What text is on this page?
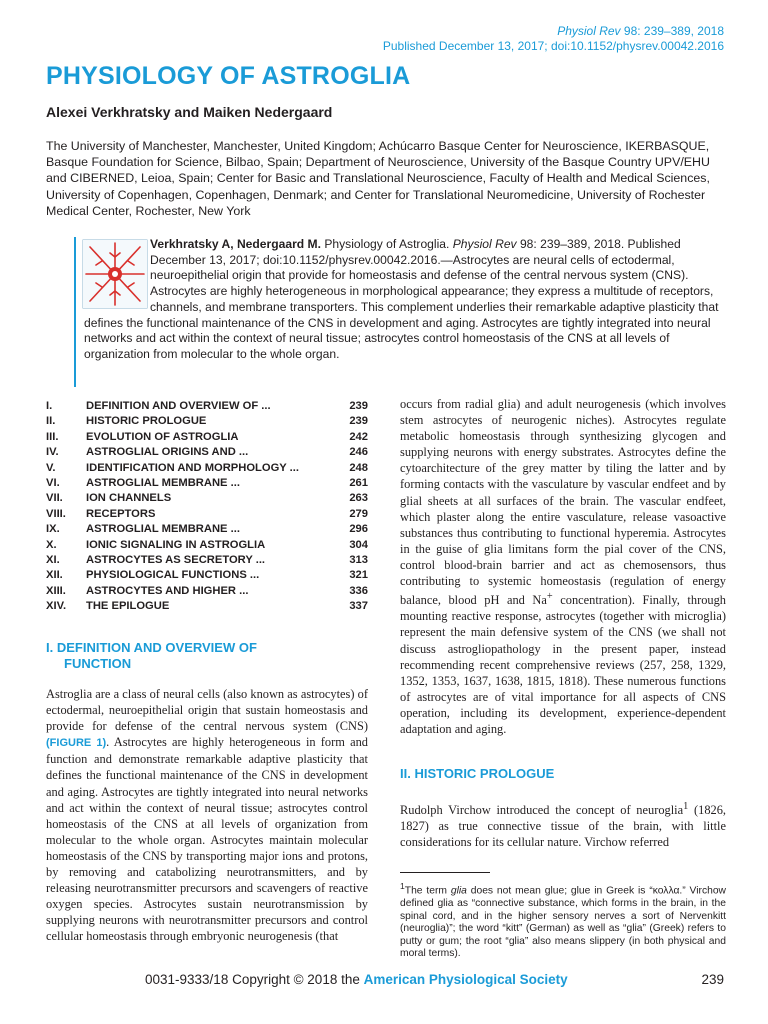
Physiol Rev 98: 239–389, 2018
Published December 13, 2017; doi:10.1152/physrev.00042.2016
PHYSIOLOGY OF ASTROGLIA
Alexei Verkhratsky and Maiken Nedergaard

The University of Manchester, Manchester, United Kingdom; Achúcarro Basque Center for Neuroscience, IKERBASQUE, Basque Foundation for Science, Bilbao, Spain; Department of Neuroscience, University of the Basque Country UPV/EHU and CIBERNED, Leioa, Spain; Center for Basic and Translational Neuroscience, Faculty of Health and Medical Sciences, University of Copenhagen, Copenhagen, Denmark; and Center for Translational Neuromedicine, University of Rochester Medical Center, Rochester, New York

Verkhratsky A, Nedergaard M. Physiology of Astroglia. Physiol Rev 98: 239–389, 2018. Published December 13, 2017; doi:10.1152/physrev.00042.2016.—Astrocytes are neural cells of ectodermal, neuroepithelial origin that provide for homeostasis and defense of the central nervous system (CNS). Astrocytes are highly heterogeneous in morphological appearance; they express a multitude of receptors, channels, and membrane transporters. This complement underlies their remarkable adaptive plasticity that defines the functional maintenance of the CNS in development and aging. Astrocytes are tightly integrated into neural networks and act within the context of neural tissue; astrocytes control homeostasis of the CNS at all levels of organization from molecular to the whole organ.

I.	DEFINITION AND OVERVIEW OF ...	239
II.	HISTORIC PROLOGUE	239
III.	EVOLUTION OF ASTROGLIA	242
IV.	ASTROGLIAL ORIGINS AND ...	246
V.	IDENTIFICATION AND MORPHOLOGY ...	248
VI.	ASTROGLIAL MEMBRANE ...	261
VII.	ION CHANNELS	263
VIII.	RECEPTORS	279
IX.	ASTROGLIAL MEMBRANE ...	296
X.	IONIC SIGNALING IN ASTROGLIA	304
XI.	ASTROCYTES AS SECRETORY ...	313
XII.	PHYSIOLOGICAL FUNCTIONS ...	321
XIII.	ASTROCYTES AND HIGHER ...	336
XIV.	THE EPILOGUE	337
I. DEFINITION AND OVERVIEW OF
FUNCTION

Astroglia are a class of neural cells (also known as astrocytes) of ectodermal, neuroepithelial origin that sustain homeostasis and provide for defense of the central nervous system (CNS) (FIGURE 1). Astrocytes are highly heterogeneous in form and function and demonstrate remarkable adaptive plasticity that defines the functional maintenance of the CNS in development and aging. Astrocytes are tightly integrated into neural networks and act within the context of neural tissue; astrocytes control homeostasis of the CNS at all levels of organization from molecular to the whole organ. Astrocytes maintain molecular homeostasis of the CNS by transporting major ions and protons, by removing and catabolizing neurotransmitters, and by releasing neurotransmitter precursors and scavengers of reactive oxygen species. Astrocytes sustain neurotransmission by supplying neurons with neurotransmitter precursors and control cellular homeostasis through embryonic neurogenesis (that

occurs from radial glia) and adult neurogenesis (which involves stem astrocytes of neurogenic niches). Astrocytes regulate metabolic homeostasis through synthesizing glycogen and supplying neurons with energy substrates. Astrocytes define the cytoarchitecture of the grey matter by tiling the latter and by forming contacts with the vasculature by vascular endfeet and by glial sheets at all surfaces of the brain. The vascular endfeet, which plaster along the entire vasculature, release vasoactive substances thus contributing to functional hyperemia. Astrocytes in the guise of glia limitans form the pial cover of the CNS, control blood-brain barrier and act as chemosensors, thus contributing to systemic homeostasis (regulation of energy balance, blood pH and Na+ concentration). Finally, through mounting reactive response, astrocytes (together with microglia) represent the main defensive system of the CNS (we shall not discuss astrogliopathology in the present paper, instead recommending recent comprehensive reviews (257, 258, 1329, 1352, 1353, 1637, 1638, 1815, 1818). These numerous functions of astrocytes are of vital importance for all aspects of CNS operation, including its development, experience-dependent adaptation and aging.

II. HISTORIC PROLOGUE

Rudolph Virchow introduced the concept of neuroglia$^1$ (1826, 1827) as true connective tissue of the brain, with little considerations for its cellular nature. Virchow referred

$^1$The term glia does not mean glue; glue in Greek is “κολλα.” Virchow defined glia as “connective substance, which forms in the brain, in the spinal cord, and in the higher sensory nerves a sort of Nervenkitt (neuroglia)”; the word “kitt” (German) as well as “glia” (Greek) refers to putty or gum; the root “glia” also means slippery (in both physical and moral terms).

0031-9333/18 Copyright © 2018 the American Physiological Society	239
